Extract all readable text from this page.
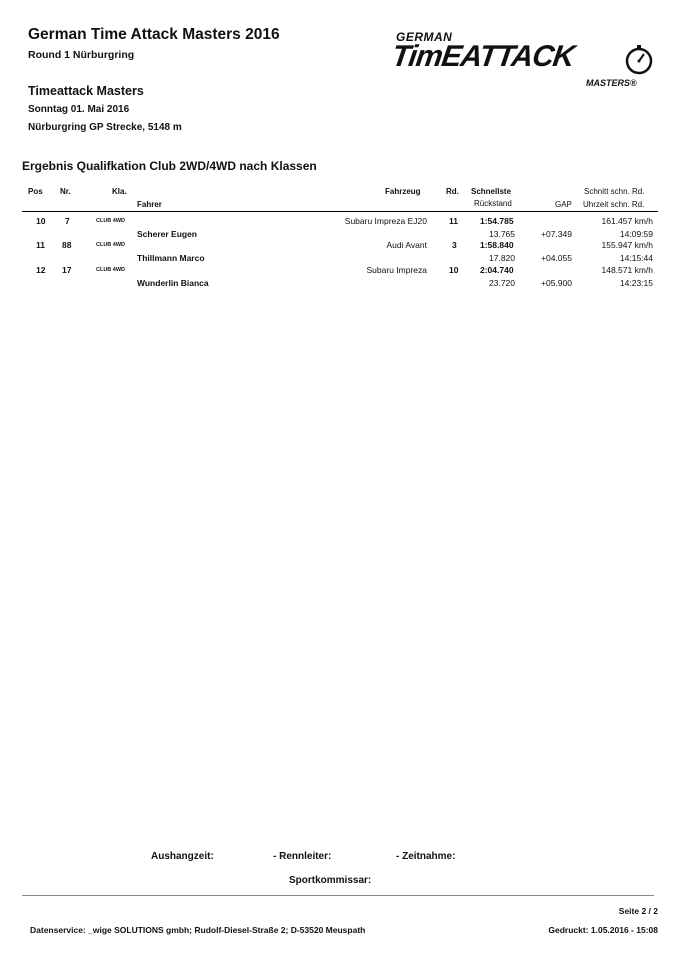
German Time Attack Masters 2016
Round 1 Nürburgring
Timeattack Masters
Sonntag 01. Mai 2016
Nürburgring GP Strecke, 5148 m
GERMAN
TimEATTACK
MASTERS®
Ergebnis Qualifkation Club 2WD/4WD nach Klassen
Pos Nr.	Kla.
Fahrer
Fahrzeug	Rd. Schnellste
Rückstand	GAP
Schnitt schn. Rd.
Uhrzeit schn. Rd.
10 7	CLUB 4WD	Subaru Impreza EJ20	11	1:54.785	161.457 km/h
Scherer Eugen	13.765	+07.349	14:09:59
11 88	CLUB 4WD	Audi Avant	3	1:58.840	155.947 km/h
Thillmann Marco	17.820	+04.055	14:15:44
12 17	CLUB 4WD	Subaru Impreza	10	2:04.740	148.571 km/h
Wunderlin Bianca	23.720	+05.900	14:23:15
Aushangzeit:	- Rennleiter:	- Zeitnahme:
Sportkommissar:
Seite 2 / 2
Datenservice: _wige SOLUTIONS gmbh; Rudolf-Diesel-Straße 2; D-53520 Meuspath	Gedruckt: 1.05.2016 - 15:08
